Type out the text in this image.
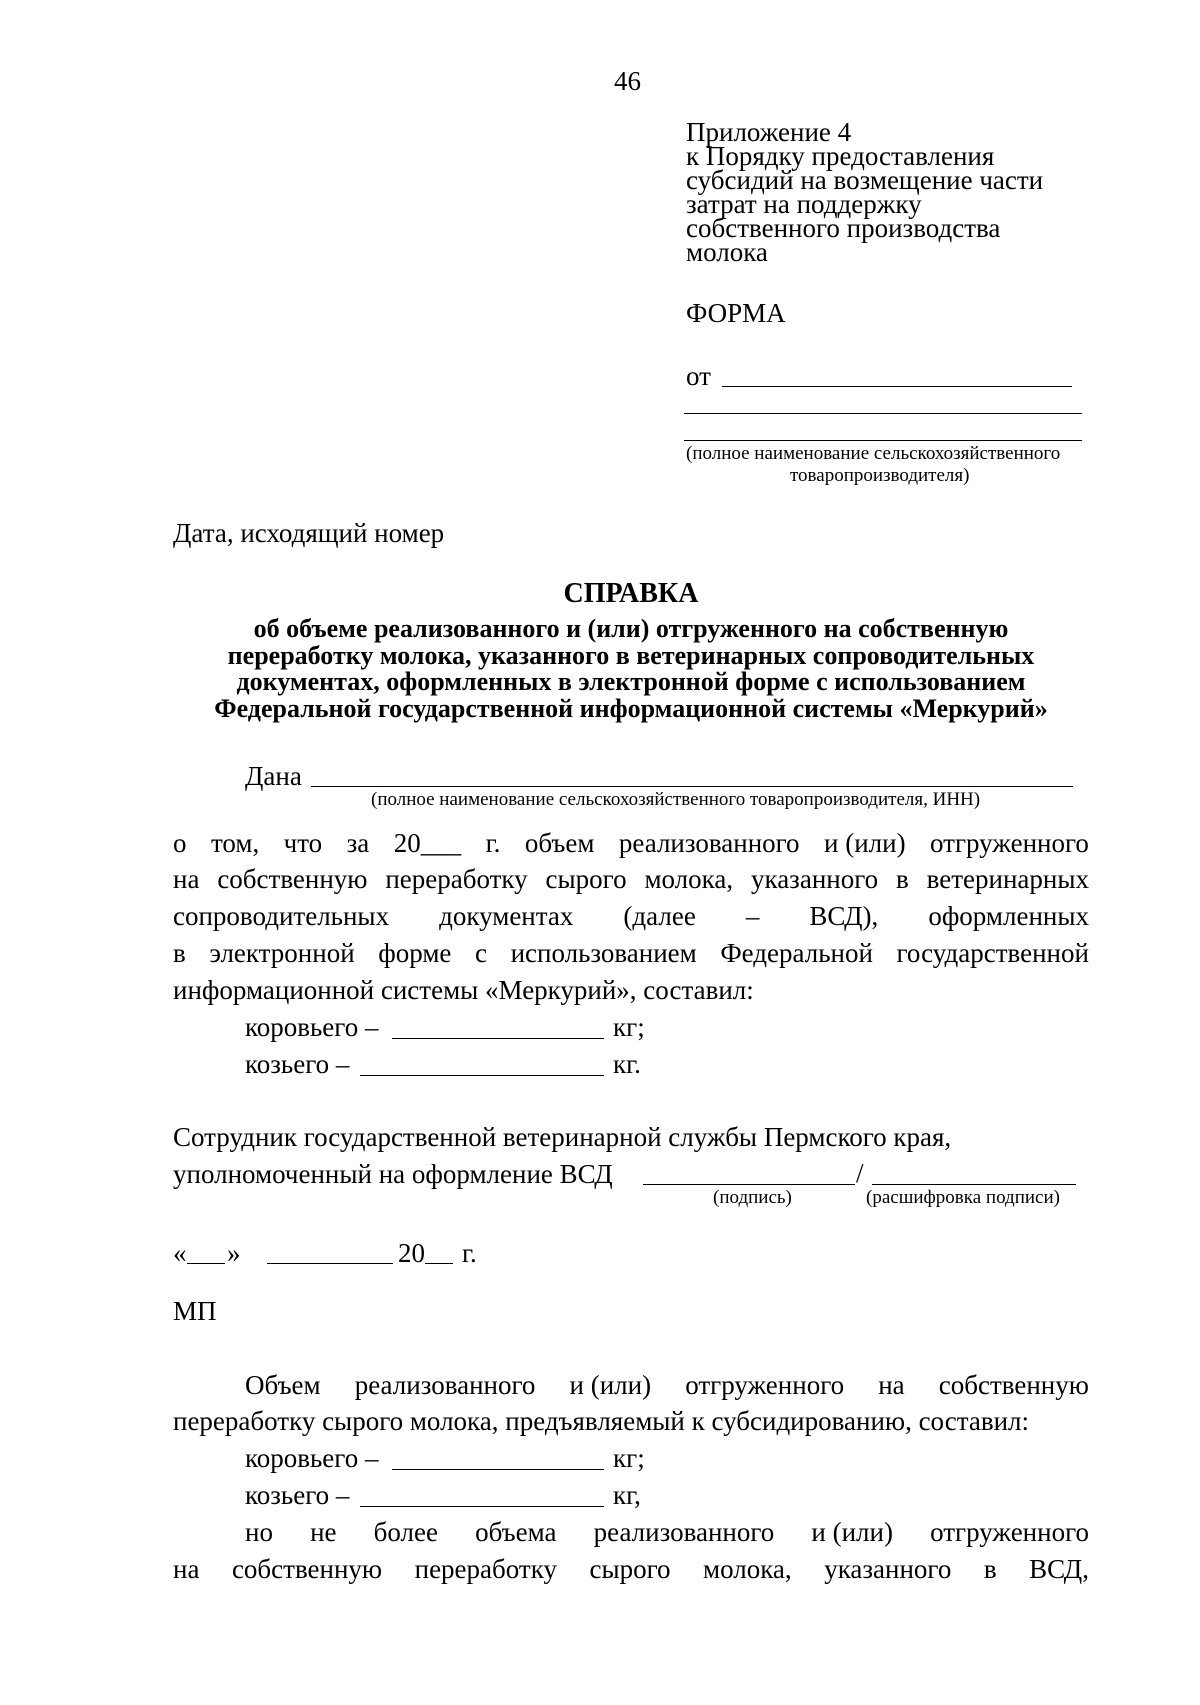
46
Приложение 4
к Порядку предоставления
субсидий на возмещение части
затрат на поддержку
собственного производства
молока
ФОРМА
от
(полное наименование сельскохозяйственного
товаропроизводителя)
Дата, исходящий номер
СПРАВКА
об объеме реализованного и (или) отгруженного на собственную
переработку молока, указанного в ветеринарных сопроводительных
документах, оформленных в электронной форме с использованием
Федеральной государственной информационной системы «Меркурий»
Дана
(полное наименование сельскохозяйственного товаропроизводителя, ИНН)
о том, что за 20___ г. объем реализованного и (или) отгруженного
на собственную переработку сырого молока, указанного в ветеринарных
сопроводительных документах (далее – ВСД), оформленных
в электронной форме с использованием Федеральной государственной
информационной системы «Меркурий», составил:
коровьего –	кг;
козьего –	кг.
Сотрудник государственной ветеринарной службы Пермского края,
уполномоченный на оформление ВСД	/
(подпись)	(расшифровка подписи)
« »	20 г.
МП
Объем реализованного и (или) отгруженного на собственную
переработку сырого молока, предъявляемый к субсидированию, составил:
коровьего –	кг;
козьего –	кг,
но не более объема реализованного и (или) отгруженного
на собственную переработку сырого молока, указанного в ВСД,
